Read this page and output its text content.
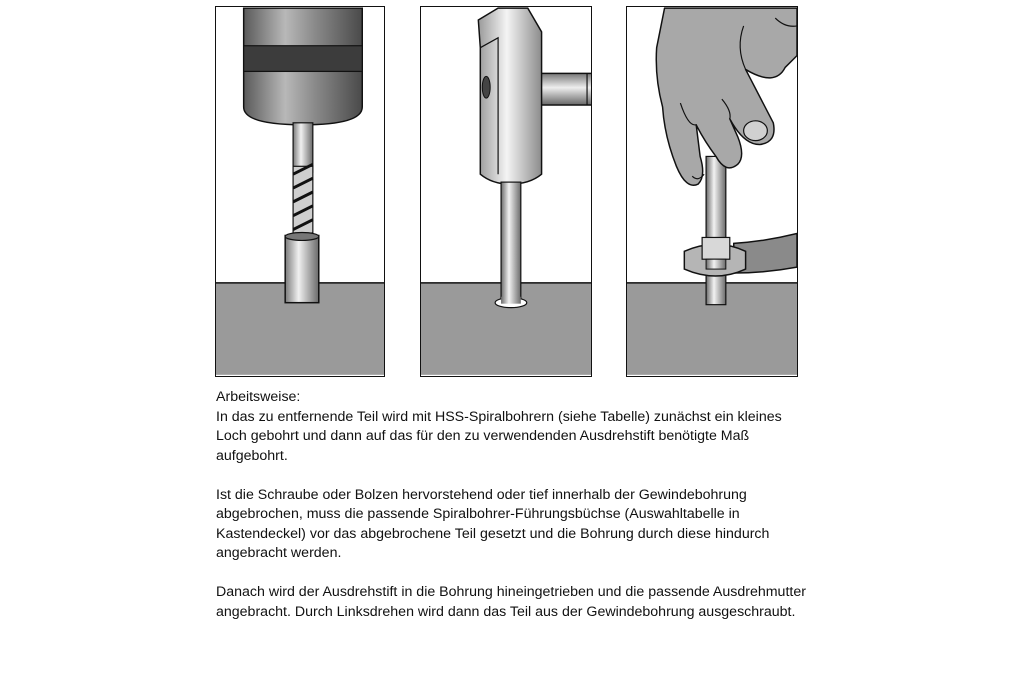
Arbeitsweise:

In das zu entfernende Teil wird mit HSS-Spiralbohrern (siehe Tabelle) zunächst ein kleines Loch gebohrt und dann auf das für den zu verwendenden Ausdrehstift benötigte Maß aufgebohrt.

Ist die Schraube oder Bolzen hervorstehend oder tief innerhalb der Gewindebohrung abgebrochen, muss die passende Spiralbohrer-Führungsbüchse (Auswahltabelle in Kastendeckel) vor das abgebrochene Teil gesetzt und die Bohrung durch diese hindurch angebracht werden.

Danach wird der Ausdrehstift in die Bohrung hineingetrieben und die passende Ausdrehmutter angebracht. Durch Linksdrehen wird dann das Teil aus der Gewindebohrung ausgeschraubt.
